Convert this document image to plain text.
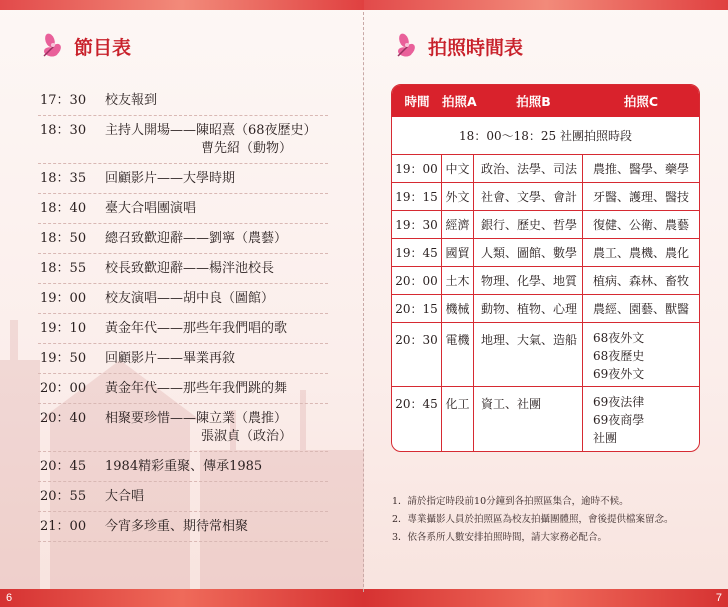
節目表
17：30	校友報到
18：30	主持人開場——陳昭熹（68夜歷史）
曹先紹（動物）
18：35	回顧影片——大學時期
18：40	臺大合唱團演唱
18：50	總召致歡迎辭——劉寧（農藝）
18：55	校長致歡迎辭——楊泮池校長
19：00	校友演唱——胡中良（圖館）
19：10	黃金年代——那些年我們唱的歌
19：50	回顧影片——畢業再敘
20：00	黃金年代——那些年我們跳的舞
20：40	相聚要珍惜——陳立業（農推）
張淑貞（政治）
20：45	1984精彩重聚、傳承1985
20：55	大合唱
21：00	今宵多珍重、期待常相聚
6	7
拍照時間表
時間	拍照A	拍照B	拍照C
18：00～18：25 社團拍照時段
19：00 中文 政治、法學、司法	農推、醫學、藥學
19：15 外文 社會、文學、會計	牙醫、護理、醫技
19：30 經濟 銀行、歷史、哲學	復健、公衛、農藝
19：45 國貿 人類、圖館、數學	農工、農機、農化
20：00 土木 物理、化學、地質	植病、森林、畜牧
20：15 機械 動物、植物、心理	農經、園藝、獸醫
20：30 電機 地理、大氣、造船	68夜外文
68夜歷史
69夜外文
20：45 化工 資工、社團	69夜法律
69夜商學
社團
1．請於指定時段前10分鐘到各拍照區集合，逾時不候。
2．專業攝影人員於拍照區為校友拍攝團體照，會後提供檔案留念。
3．依各系所人數安排拍照時間，請大家務必配合。
